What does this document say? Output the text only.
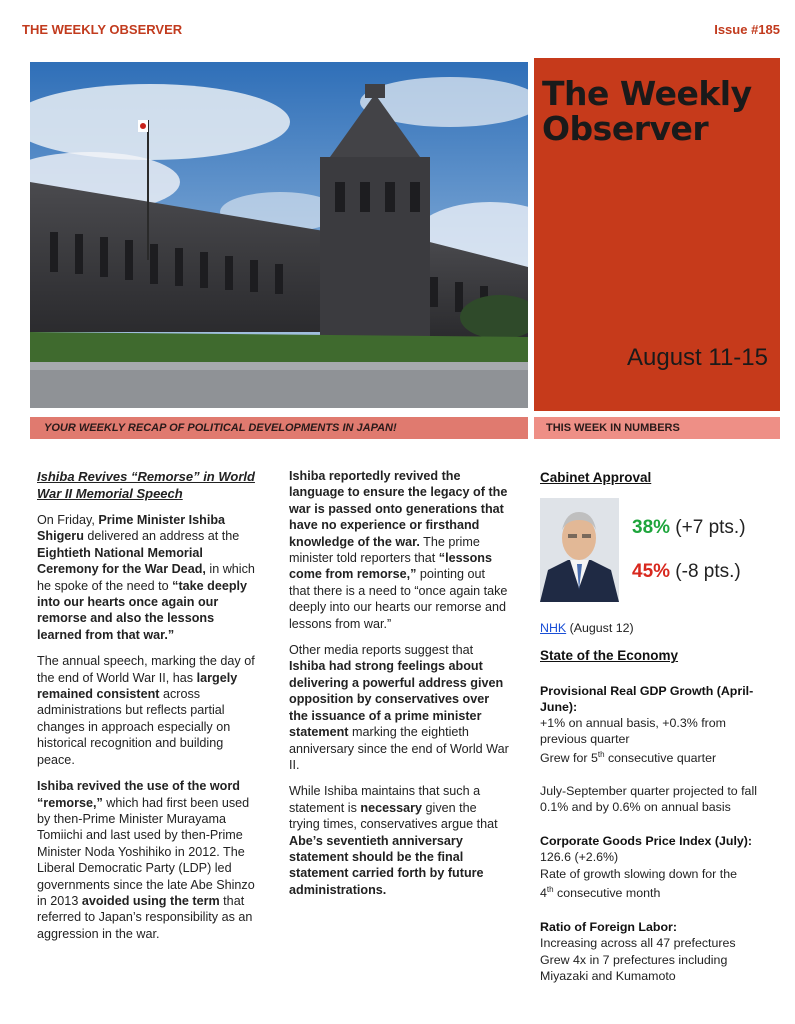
THE WEEKLY OBSERVER	Issue #185
The Weekly
Observer
August 11-15
YOUR WEEKLY RECAP OF POLITICAL DEVELOPMENTS IN JAPAN!	THIS WEEK IN NUMBERS

Ishiba Revives “Remorse” in World War II Memorial Speech

On Friday, Prime Minister Ishiba Shigeru delivered an address at the Eightieth National Memorial Ceremony for the War Dead, in which he spoke of the need to “take deeply into our hearts once again our remorse and also the lessons learned from that war.”

The annual speech, marking the day of the end of World War II, has largely remained consistent across administrations but reflects partial changes in approach especially on historical recognition and building peace.

Ishiba revived the use of the word “remorse,” which had first been used by then-Prime Minister Murayama Tomiichi and last used by then-Prime Minister Noda Yoshihiko in 2012. The Liberal Democratic Party (LDP) led governments since the late Abe Shinzo in 2013 avoided using the term that referred to Japan’s responsibility as an aggression in the war.

Ishiba reportedly revived the language to ensure the legacy of the war is passed onto generations that have no experience or firsthand knowledge of the war. The prime minister told reporters that “lessons come from remorse,” pointing out that there is a need to “once again take deeply into our hearts our remorse and lessons from war.”

Other media reports suggest that Ishiba had strong feelings about delivering a powerful address given opposition by conservatives over the issuance of a prime minister statement marking the eightieth anniversary since the end of World War II.

While Ishiba maintains that such a statement is necessary given the trying times, conservatives argue that Abe’s seventieth anniversary statement should be the final statement carried forth by future administrations.

Cabinet Approval
38% (+7 pts.)
45% (-8 pts.)
NHK (August 12)
State of the Economy
Provisional Real GDP Growth (April-June):
+1% on annual basis, +0.3% from previous quarter
Grew for 5th consecutive quarter
July-September quarter projected to fall 0.1% and by 0.6% on annual basis
Corporate Goods Price Index (July):
126.6 (+2.6%)
Rate of growth slowing down for the
4th consecutive month
Ratio of Foreign Labor:
Increasing across all 47 prefectures
Grew 4x in 7 prefectures including Miyazaki and Kumamoto
